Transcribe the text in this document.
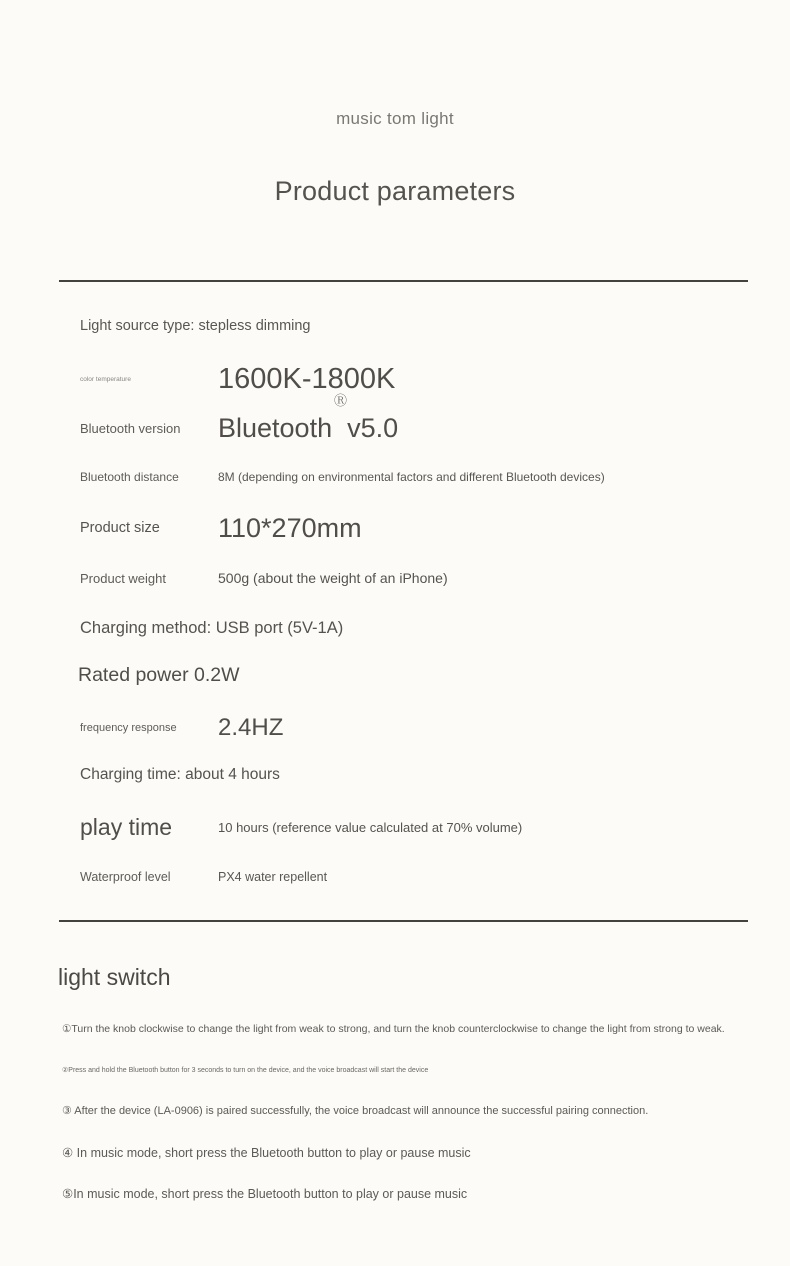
music tom light
Product parameters
Light source type: stepless dimming
color temperature	1600K-1800K
Ⓡ
Bluetooth version	Bluetooth  v5.0
Bluetooth distance	8M (depending on environmental factors and different Bluetooth devices)
Product size	110*270mm
Product weight	500g (about the weight of an iPhone)
Charging method: USB port (5V-1A)
Rated power 0.2W
frequency response	2.4HZ
Charging time: about 4 hours
play time	10 hours (reference value calculated at 70% volume)
Waterproof level	PX4 water repellent
light switch
①Turn the knob clockwise to change the light from weak to strong, and turn the knob counterclockwise to change the light from strong to weak.
②Press and hold the Bluetooth button for 3 seconds to turn on the device, and the voice broadcast will start the device
③ After the device (LA-0906) is paired successfully, the voice broadcast will announce the successful pairing connection.
④ In music mode, short press the Bluetooth button to play or pause music
⑤In music mode, short press the Bluetooth button to play or pause music
